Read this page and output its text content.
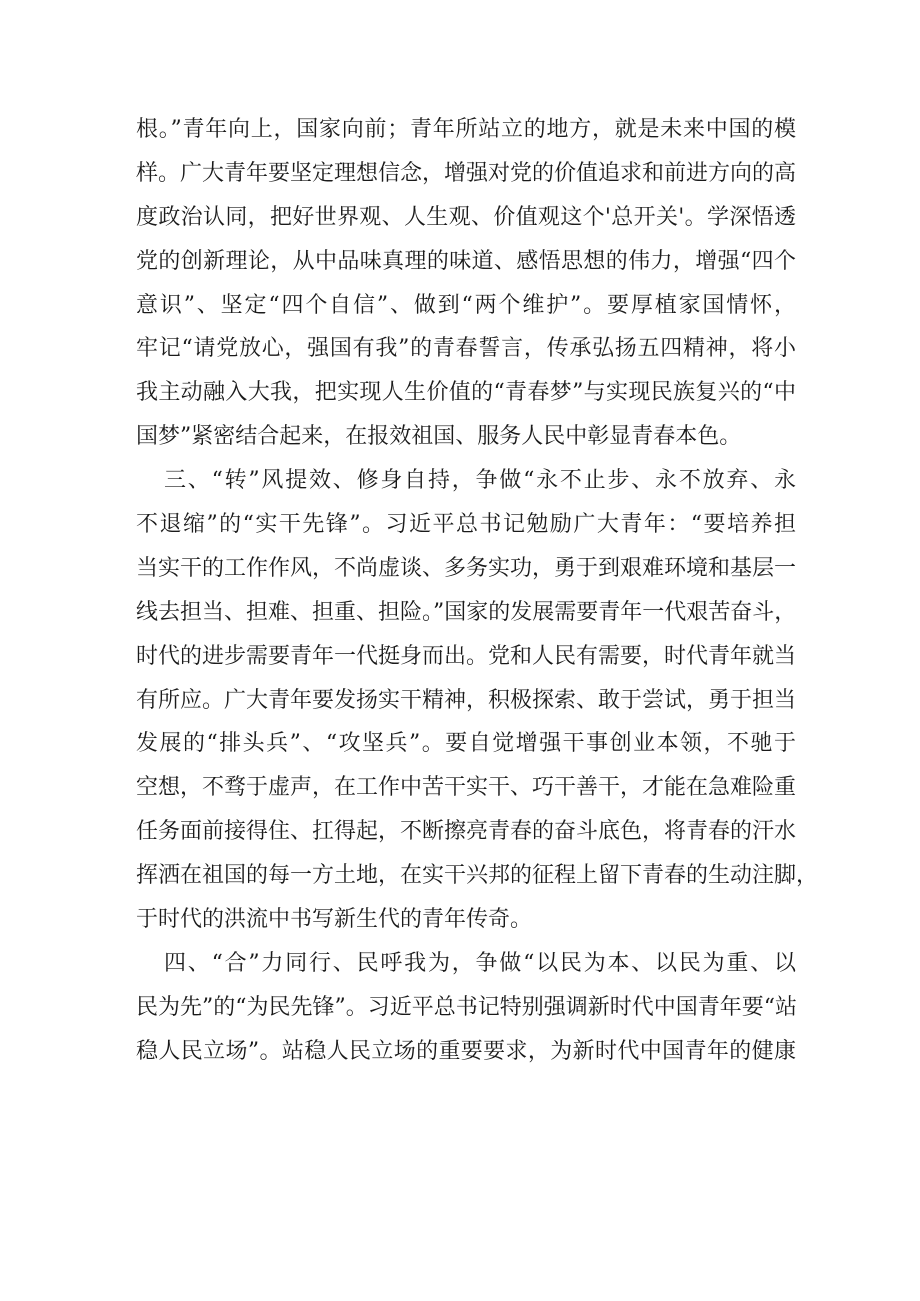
根。”青年向上，国家向前；青年所站立的地方，就是未来中国的模
样。广大青年要坚定理想信念，增强对党的价值追求和前进方向的高
度政治认同，把好世界观、人生观、价值观这个'总开关'。学深悟透
党的创新理论，从中品味真理的味道、感悟思想的伟力，增强“四个
意识”、坚定“四个自信”、做到“两个维护”。要厚植家国情怀，
牢记“请党放心，强国有我”的青春誓言，传承弘扬五四精神，将小
我主动融入大我，把实现人生价值的“青春梦”与实现民族复兴的“中
国梦”紧密结合起来，在报效祖国、服务人民中彰显青春本色。
三、“转”风提效、修身自持，争做“永不止步、永不放弃、永
不退缩”的“实干先锋”。习近平总书记勉励广大青年：“要培养担
当实干的工作作风，不尚虚谈、多务实功，勇于到艰难环境和基层一
线去担当、担难、担重、担险。”国家的发展需要青年一代艰苦奋斗，
时代的进步需要青年一代挺身而出。党和人民有需要，时代青年就当
有所应。广大青年要发扬实干精神，积极探索、敢于尝试，勇于担当
发展的“排头兵”、“攻坚兵”。要自觉增强干事创业本领，不驰于
空想，不骛于虚声，在工作中苦干实干、巧干善干，才能在急难险重
任务面前接得住、扛得起，不断擦亮青春的奋斗底色，将青春的汗水
挥洒在祖国的每一方土地，在实干兴邦的征程上留下青春的生动注脚，
于时代的洪流中书写新生代的青年传奇。
四、“合”力同行、民呼我为，争做“以民为本、以民为重、以
民为先”的“为民先锋”。习近平总书记特别强调新时代中国青年要“站
稳人民立场”。站稳人民立场的重要要求，为新时代中国青年的健康
